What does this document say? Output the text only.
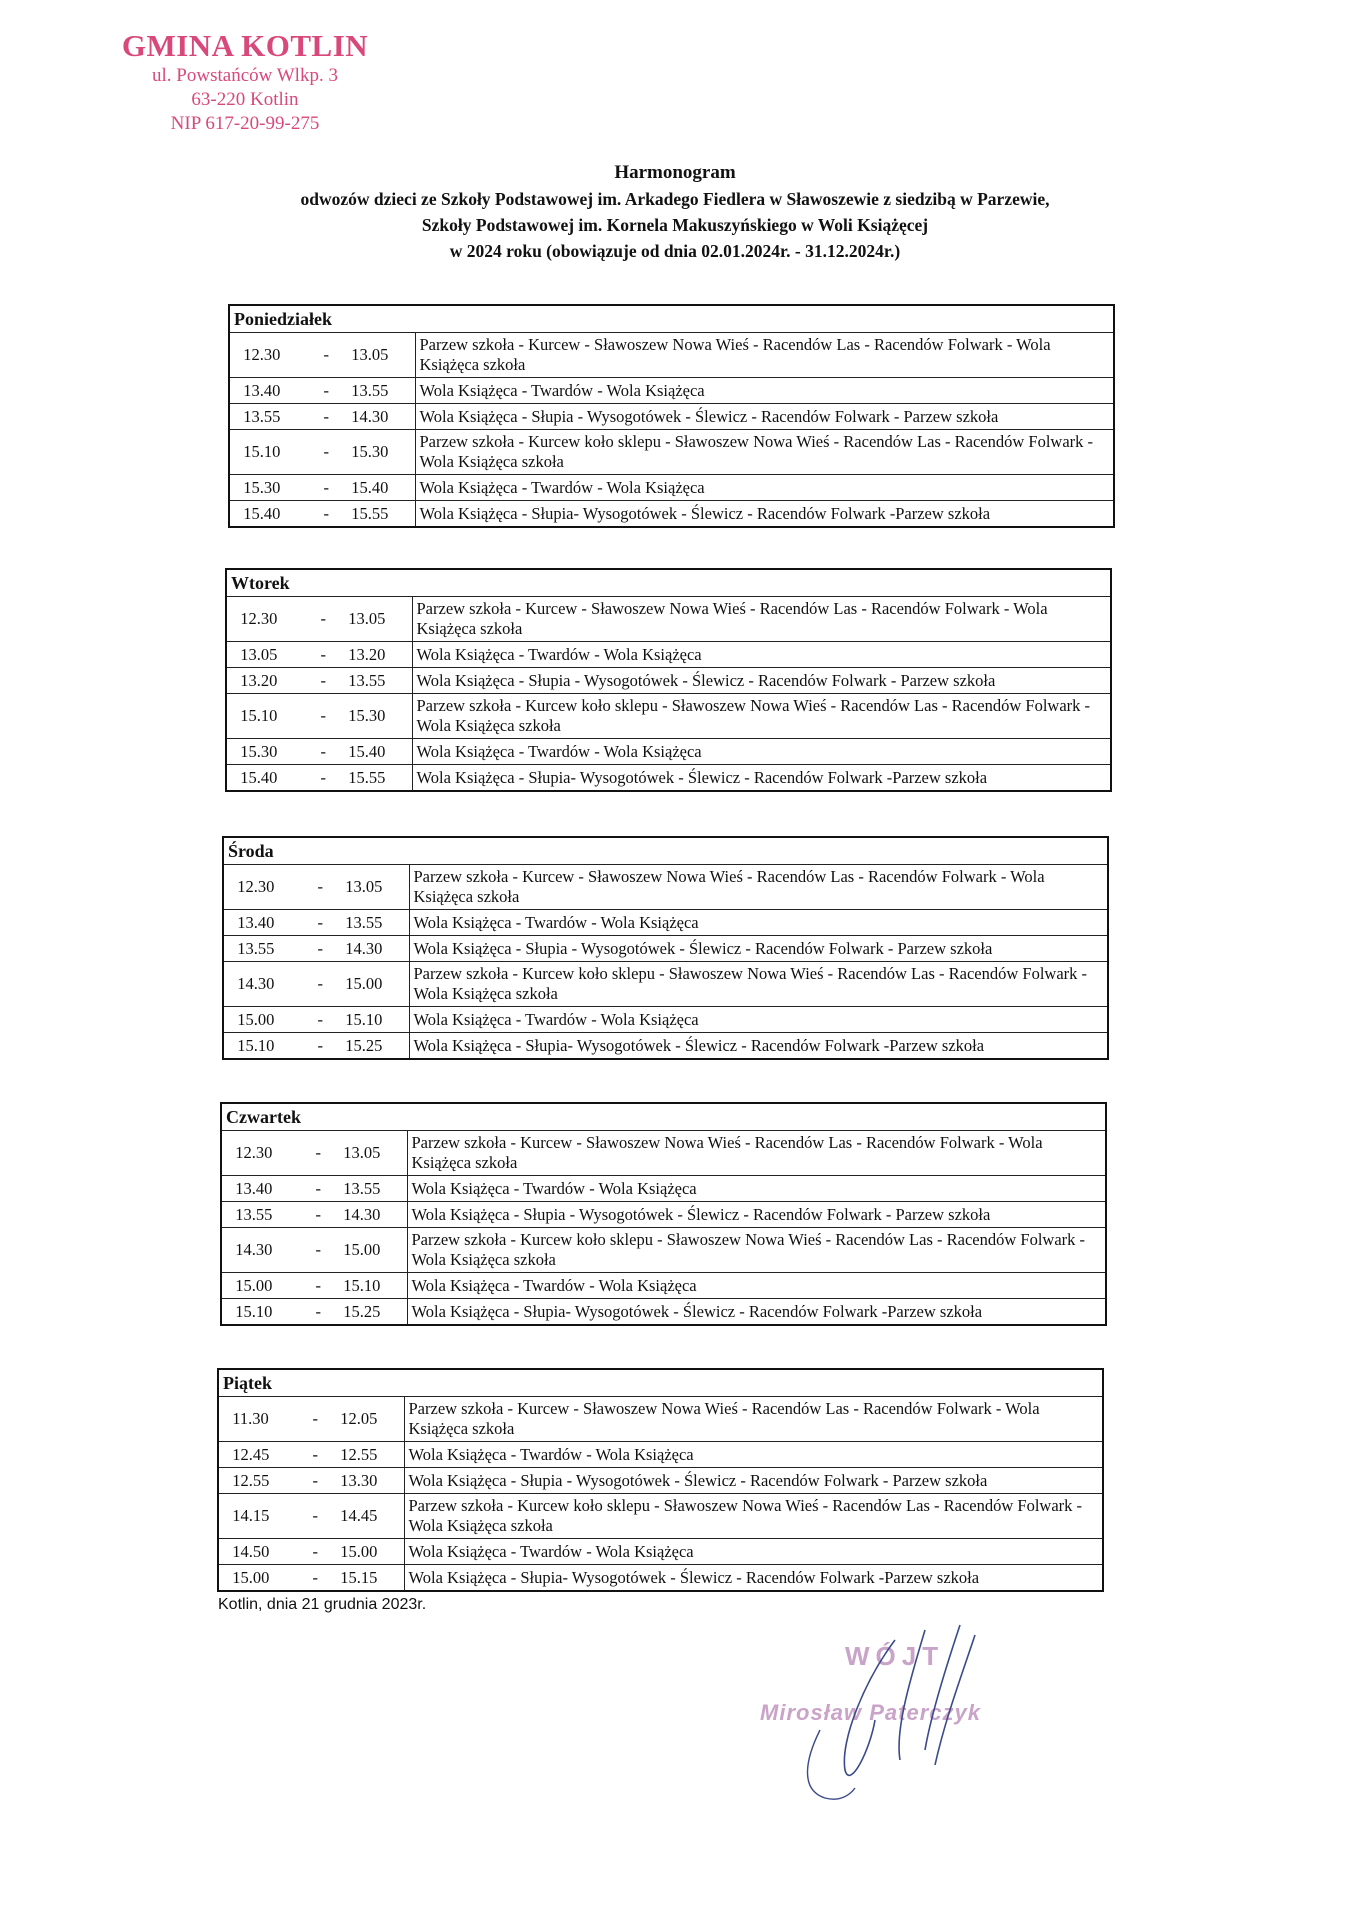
GMINA KOTLIN
ul. Powstańców Wlkp. 3
63-220 Kotlin
NIP 617-20-99-275
Harmonogram
odwozów dzieci ze Szkoły Podstawowej im. Arkadego Fiedlera w Sławoszewie z siedzibą w Parzewie,
Szkoły Podstawowej im. Kornela Makuszyńskiego w Woli Książęcej
w 2024 roku (obowiązuje od dnia 02.01.2024r. - 31.12.2024r.)
Poniedziałek	
12.30 - 13.05	Parzew szkoła - Kurcew - Sławoszew Nowa Wieś - Racendów Las - Racendów Folwark - Wola Książęca szkoła
13.40 - 13.55	Wola Książęca - Twardów - Wola Książęca
13.55 - 14.30	Wola Książęca - Słupia - Wysogotówek - Ślewicz - Racendów Folwark - Parzew szkoła
15.10 - 15.30	Parzew szkoła - Kurcew koło sklepu - Sławoszew Nowa Wieś - Racendów Las - Racendów Folwark - Wola Książęca szkoła
15.30 - 15.40	Wola Książęca - Twardów - Wola Książęca
15.40 - 15.55	Wola Książęca - Słupia- Wysogotówek - Ślewicz - Racendów Folwark -Parzew szkoła
Wtorek	
12.30 - 13.05	Parzew szkoła - Kurcew - Sławoszew Nowa Wieś - Racendów Las - Racendów Folwark - Wola Książęca szkoła
13.05 - 13.20	Wola Książęca - Twardów - Wola Książęca
13.20 - 13.55	Wola Książęca - Słupia - Wysogotówek - Ślewicz - Racendów Folwark - Parzew szkoła
15.10 - 15.30	Parzew szkoła - Kurcew koło sklepu - Sławoszew Nowa Wieś - Racendów Las - Racendów Folwark - Wola Książęca szkoła
15.30 - 15.40	Wola Książęca - Twardów - Wola Książęca
15.40 - 15.55	Wola Książęca - Słupia- Wysogotówek - Ślewicz - Racendów Folwark -Parzew szkoła
Środa	
12.30 - 13.05	Parzew szkoła - Kurcew - Sławoszew Nowa Wieś - Racendów Las - Racendów Folwark - Wola Książęca szkoła
13.40 - 13.55	Wola Książęca - Twardów - Wola Książęca
13.55 - 14.30	Wola Książęca - Słupia - Wysogotówek - Ślewicz - Racendów Folwark - Parzew szkoła
14.30 - 15.00	Parzew szkoła - Kurcew koło sklepu - Sławoszew Nowa Wieś - Racendów Las - Racendów Folwark - Wola Książęca szkoła
15.00 - 15.10	Wola Książęca - Twardów - Wola Książęca
15.10 - 15.25	Wola Książęca - Słupia- Wysogotówek - Ślewicz - Racendów Folwark -Parzew szkoła
Czwartek	
12.30 - 13.05	Parzew szkoła - Kurcew - Sławoszew Nowa Wieś - Racendów Las - Racendów Folwark - Wola Książęca szkoła
13.40 - 13.55	Wola Książęca - Twardów - Wola Książęca
13.55 - 14.30	Wola Książęca - Słupia - Wysogotówek - Ślewicz - Racendów Folwark - Parzew szkoła
14.30 - 15.00	Parzew szkoła - Kurcew koło sklepu - Sławoszew Nowa Wieś - Racendów Las - Racendów Folwark - Wola Książęca szkoła
15.00 - 15.10	Wola Książęca - Twardów - Wola Książęca
15.10 - 15.25	Wola Książęca - Słupia- Wysogotówek - Ślewicz - Racendów Folwark -Parzew szkoła
Piątek	
11.30 - 12.05	Parzew szkoła - Kurcew - Sławoszew Nowa Wieś - Racendów Las - Racendów Folwark - Wola Książęca szkoła
12.45 - 12.55	Wola Książęca - Twardów - Wola Książęca
12.55 - 13.30	Wola Książęca - Słupia - Wysogotówek - Ślewicz - Racendów Folwark - Parzew szkoła
14.15 - 14.45	Parzew szkoła - Kurcew koło sklepu - Sławoszew Nowa Wieś - Racendów Las - Racendów Folwark - Wola Książęca szkoła
14.50 - 15.00	Wola Książęca - Twardów - Wola Książęca
15.00 - 15.15	Wola Książęca - Słupia- Wysogotówek - Ślewicz - Racendów Folwark -Parzew szkoła
Kotlin, dnia 21 grudnia 2023r.
WÓJT
Mirosław Paterczyk
